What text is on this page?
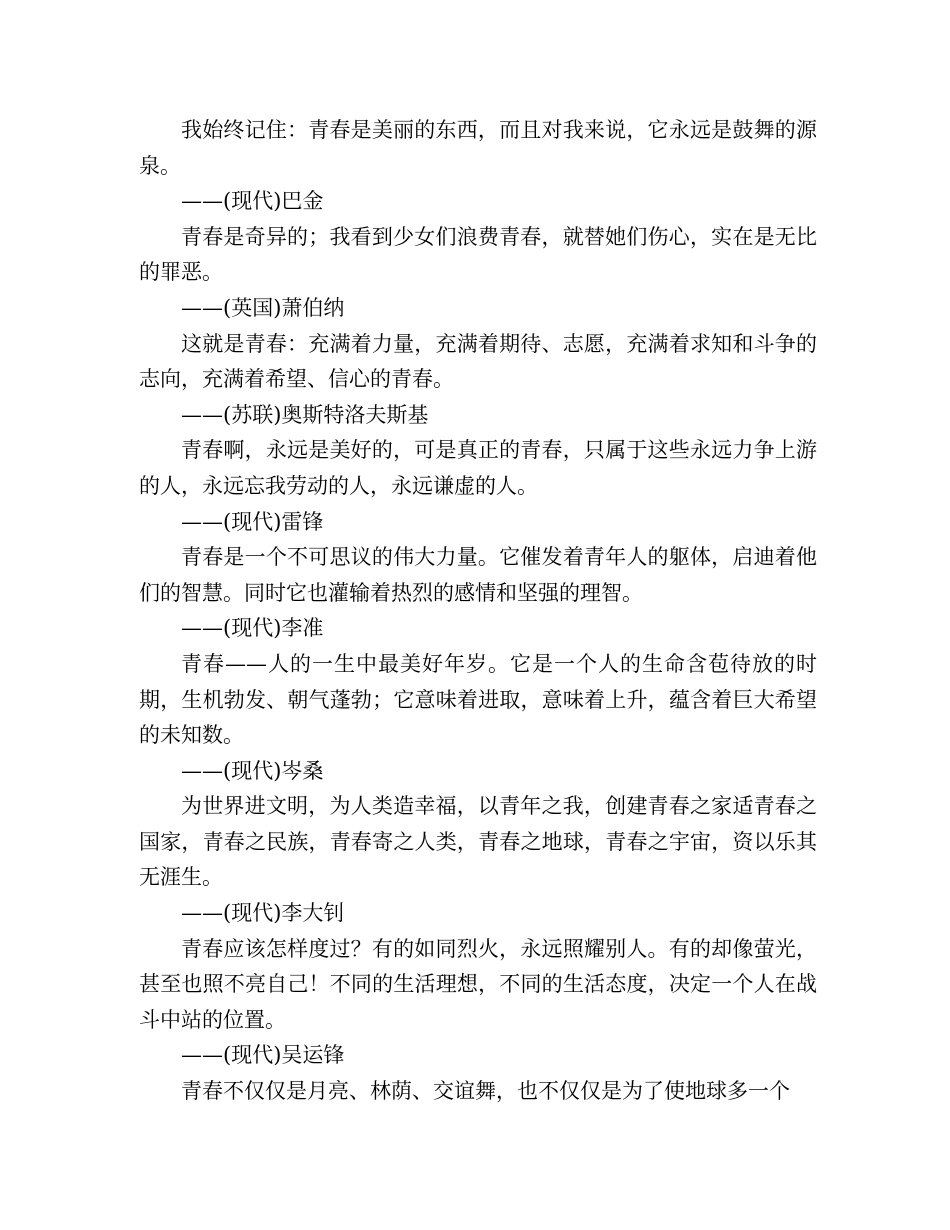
我始终记住：青春是美丽的东西，而且对我来说，它永远是鼓舞的源泉。

——(现代)巴金

青春是奇异的；我看到少女们浪费青春，就替她们伤心，实在是无比的罪恶。

——(英国)萧伯纳

这就是青春：充满着力量，充满着期待、志愿，充满着求知和斗争的志向，充满着希望、信心的青春。

——(苏联)奥斯特洛夫斯基

青春啊，永远是美好的，可是真正的青春，只属于这些永远力争上游的人，永远忘我劳动的人，永远谦虚的人。

——(现代)雷锋

青春是一个不可思议的伟大力量。它催发着青年人的躯体，启迪着他们的智慧。同时它也灌输着热烈的感情和坚强的理智。

——(现代)李准

青春——人的一生中最美好年岁。它是一个人的生命含苞待放的时期，生机勃发、朝气蓬勃；它意味着进取，意味着上升，蕴含着巨大希望的未知数。

——(现代)岑桑

为世界进文明，为人类造幸福，以青年之我，创建青春之家适青春之国家，青春之民族，青春寄之人类，青春之地球，青春之宇宙，资以乐其无涯生。

——(现代)李大钊

青春应该怎样度过？有的如同烈火，永远照耀别人。有的却像萤光，甚至也照不亮自己！不同的生活理想，不同的生活态度，决定一个人在战斗中站的位置。

——(现代)吴运锋

青春不仅仅是月亮、林荫、交谊舞，也不仅仅是为了使地球多一个
